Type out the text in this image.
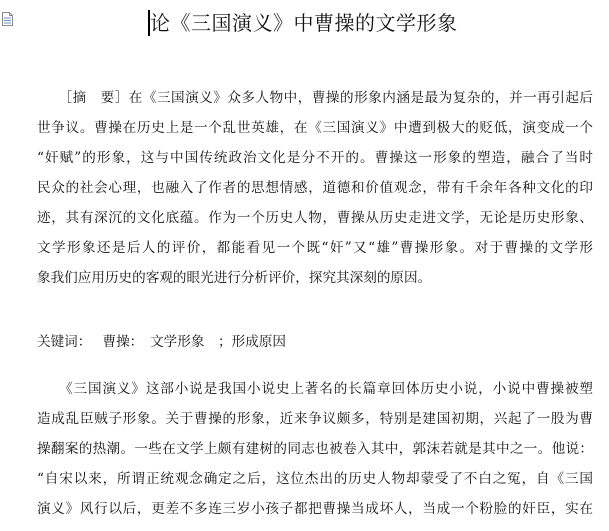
论《三国演义》中曹操的文学形象
　　［摘　要］在《三国演义》众多人物中，曹操的形象内涵是最为复杂的，并一再引起后
世争议。曹操在历史上是一个乱世英雄，在《三国演义》中遭到极大的贬低，演变成一个
“奸赋”的形象，这与中国传统政治文化是分不开的。曹操这一形象的塑造，融合了当时
民众的社会心理，也融入了作者的思想情感，道德和价值观念，带有千余年各种文化的印
迹，其有深沉的文化底蕴。作为一个历史人物，曹操从历史走进文学，无论是历史形象、
文学形象还是后人的评价，都能看见一个既“奸”又“雄”曹操形象。对于曹操的文学形
象我们应用历史的客观的眼光进行分析评价，探究其深刻的原因。
关键词：　 曹操：　文学形象　；形成原因
　　《三国演义》这部小说是我国小说史上著名的长篇章回体历史小说，小说中曹操被塑
造成乱臣贼子形象。关于曹操的形象，近来争议颇多，特别是建国初期，兴起了一股为曹
操翻案的热潮。一些在文学上颇有建树的同志也被卷入其中，郭沫若就是其中之一。他说：
“自宋以来，所谓正统观念确定之后，这位杰出的历史人物却蒙受了不白之冤，自《三国
演义》风行以后，更差不多连三岁小孩子都把曹操当成坏人，当成一个粉脸的奸臣，实在
